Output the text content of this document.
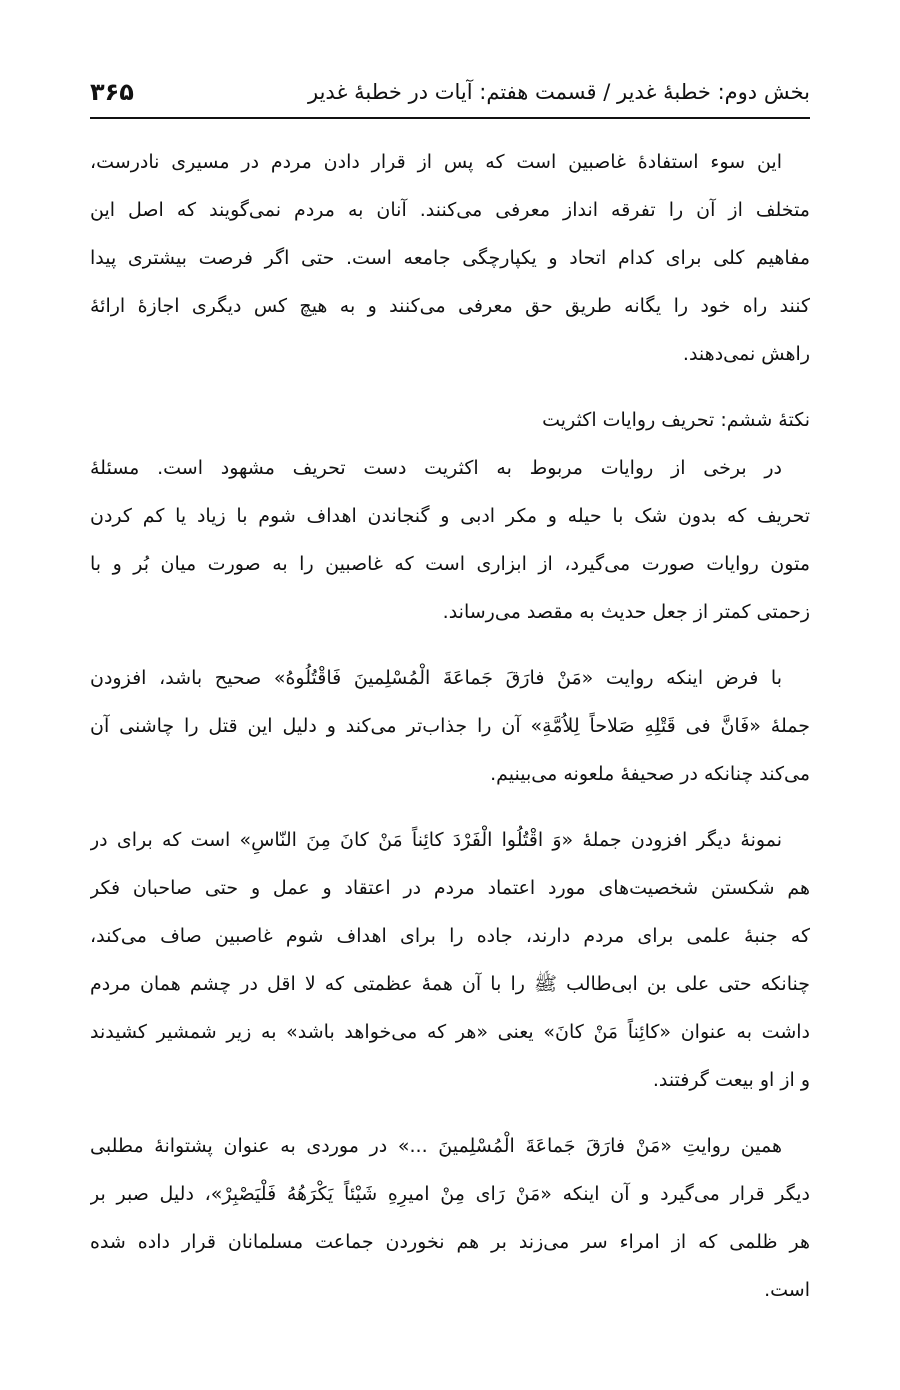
بخش دوم: خطبۀ غدیر / قسمت هفتم: آیات در خطبۀ غدیر
۳۶۵
این سوء استفادۀ غاصبین است که پس از قرار دادن مردم در مسیری نادرست،
متخلف از آن را تفرقه انداز معرفی می‌کنند. آنان به مردم نمی‌گویند که اصل این
مفاهیم کلی برای کدام اتحاد و یکپارچگی جامعه است. حتی اگر فرصت بیشتری پیدا
کنند راه خود را یگانه طریق حق معرفی می‌کنند و به هیچ کس دیگری اجازۀ ارائۀ
راهش نمی‌دهند.
نکتۀ ششم: تحریف روایات اکثریت
در برخی از روایات مربوط به اکثریت دست تحریف مشهود است. مسئلۀ
تحریف که بدون شک با حیله و مکر ادبی و گنجاندن اهداف شوم با زیاد یا کم کردن
متون روایات صورت می‌گیرد، از ابزاری است که غاصبین را به صورت میان بُر و با
زحمتی کمتر از جعل حدیث به مقصد می‌رساند.
با فرض اینکه روایت «مَنْ فارَقَ جَماعَةَ الْمُسْلِمینَ فَاقْتُلُوهُ» صحیح باشد، افزودن
جملۀ «فَانَّ فی قَتْلِهِ صَلاحاً لِلاُمَّةِ» آن را جذاب‌تر می‌کند و دلیل این قتل را چاشنی آن
می‌کند چنانکه در صحیفۀ ملعونه می‌بینیم.
نمونۀ دیگر افزودن جملۀ «وَ اقْتُلُوا الْفَرْدَ کائِناً مَنْ کانَ مِنَ النّاسِ» است که برای در
هم شکستن شخصیت‌های مورد اعتماد مردم در اعتقاد و عمل و حتی صاحبان فکر
که جنبۀ علمی برای مردم دارند، جاده را برای اهداف شوم غاصبین صاف می‌کند،
چنانکه حتی علی بن ابی‌طالب ﷺ را با آن همۀ عظمتی که لا اقل در چشم همان مردم
داشت به عنوان «کائِناً مَنْ کانَ» یعنی «هر که می‌خواهد باشد» به زیر شمشیر کشیدند
و از او بیعت گرفتند.
همین روایتِ «مَنْ فارَقَ جَماعَةَ الْمُسْلِمینَ ...» در موردی به عنوان پشتوانۀ مطلبی
دیگر قرار می‌گیرد و آن اینکه «مَنْ رَای مِنْ امیرِهِ شَیْئاً یَکْرَهُهُ فَلْیَصْبِرْ»، دلیل صبر بر
هر ظلمی که از امراء سر می‌زند بر هم نخوردن جماعت مسلمانان قرار داده شده
است.
